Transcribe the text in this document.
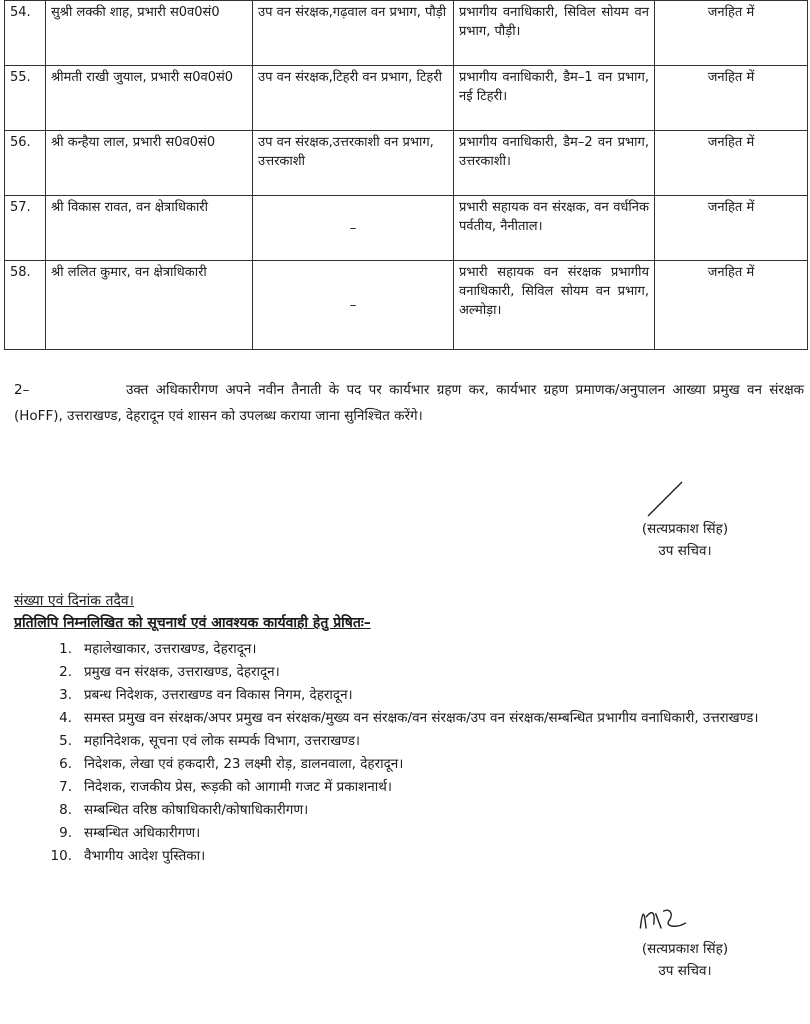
54.	सुश्री लक्की शाह, प्रभारी स0व0सं0	उप वन संरक्षक,गढ़वाल वन प्रभाग, पौड़ी	प्रभागीय वनाधिकारी, सिविल सोयम वन प्रभाग, पौड़ी।	जनहित में
55.	श्रीमती राखी जुयाल, प्रभारी स0व0सं0	उप वन संरक्षक,टिहरी वन प्रभाग, टिहरी	प्रभागीय वनाधिकारी, डैम–1 वन प्रभाग, नई टिहरी।	जनहित में
56.	श्री कन्हैया लाल, प्रभारी स0व0सं0	उप वन संरक्षक,उत्तरकाशी वन प्रभाग, उत्तरकाशी	प्रभागीय वनाधिकारी, डैम–2 वन प्रभाग, उत्तरकाशी।	जनहित में
57.	श्री विकास रावत, वन क्षेत्राधिकारी	–	प्रभारी सहायक वन संरक्षक, वन वर्धनिक पर्वतीय, नैनीताल।	जनहित में
58.	श्री ललित कुमार, वन क्षेत्राधिकारी	–	प्रभारी सहायक वन संरक्षक प्रभागीय वनाधिकारी, सिविल सोयम वन प्रभाग, अल्मोड़ा।	जनहित में
2–	उक्त अधिकारीगण अपने नवीन तैनाती के पद पर कार्यभार ग्रहण कर, कार्यभार ग्रहण प्रमाणक/अनुपालन आख्या प्रमुख वन संरक्षक (HoFF), उत्तराखण्ड, देहरादून एवं शासन को उपलब्ध कराया जाना सुनिश्चित करेंगे।
(सत्यप्रकाश सिंह)
उप सचिव।
संख्या एवं दिनांक तदैव।
प्रतिलिपि निम्नलिखित को सूचनार्थ एवं आवश्यक कार्यवाही हेतु प्रेषितः–
1. महालेखाकार, उत्तराखण्ड, देहरादून।
2. प्रमुख वन संरक्षक, उत्तराखण्ड, देहरादून।
3. प्रबन्ध निदेशक, उत्तराखण्ड वन विकास निगम, देहरादून।
4. समस्त प्रमुख वन संरक्षक/अपर प्रमुख वन संरक्षक/मुख्य वन संरक्षक/वन संरक्षक/उप वन संरक्षक/सम्बन्धित प्रभागीय वनाधिकारी, उत्तराखण्ड।
5. महानिदेशक, सूचना एवं लोक सम्पर्क विभाग, उत्तराखण्ड।
6. निदेशक, लेखा एवं हकदारी, 23 लक्ष्मी रोड़, डालनवाला, देहरादून।
7. निदेशक, राजकीय प्रेस, रूड़की को आगामी गजट में प्रकाशनार्थ।
8. सम्बन्धित वरिष्ठ कोषाधिकारी/कोषाधिकारीगण।
9. सम्बन्धित अधिकारीगण।
10. वैभागीय आदेश पुस्तिका।
(सत्यप्रकाश सिंह)
उप सचिव।
